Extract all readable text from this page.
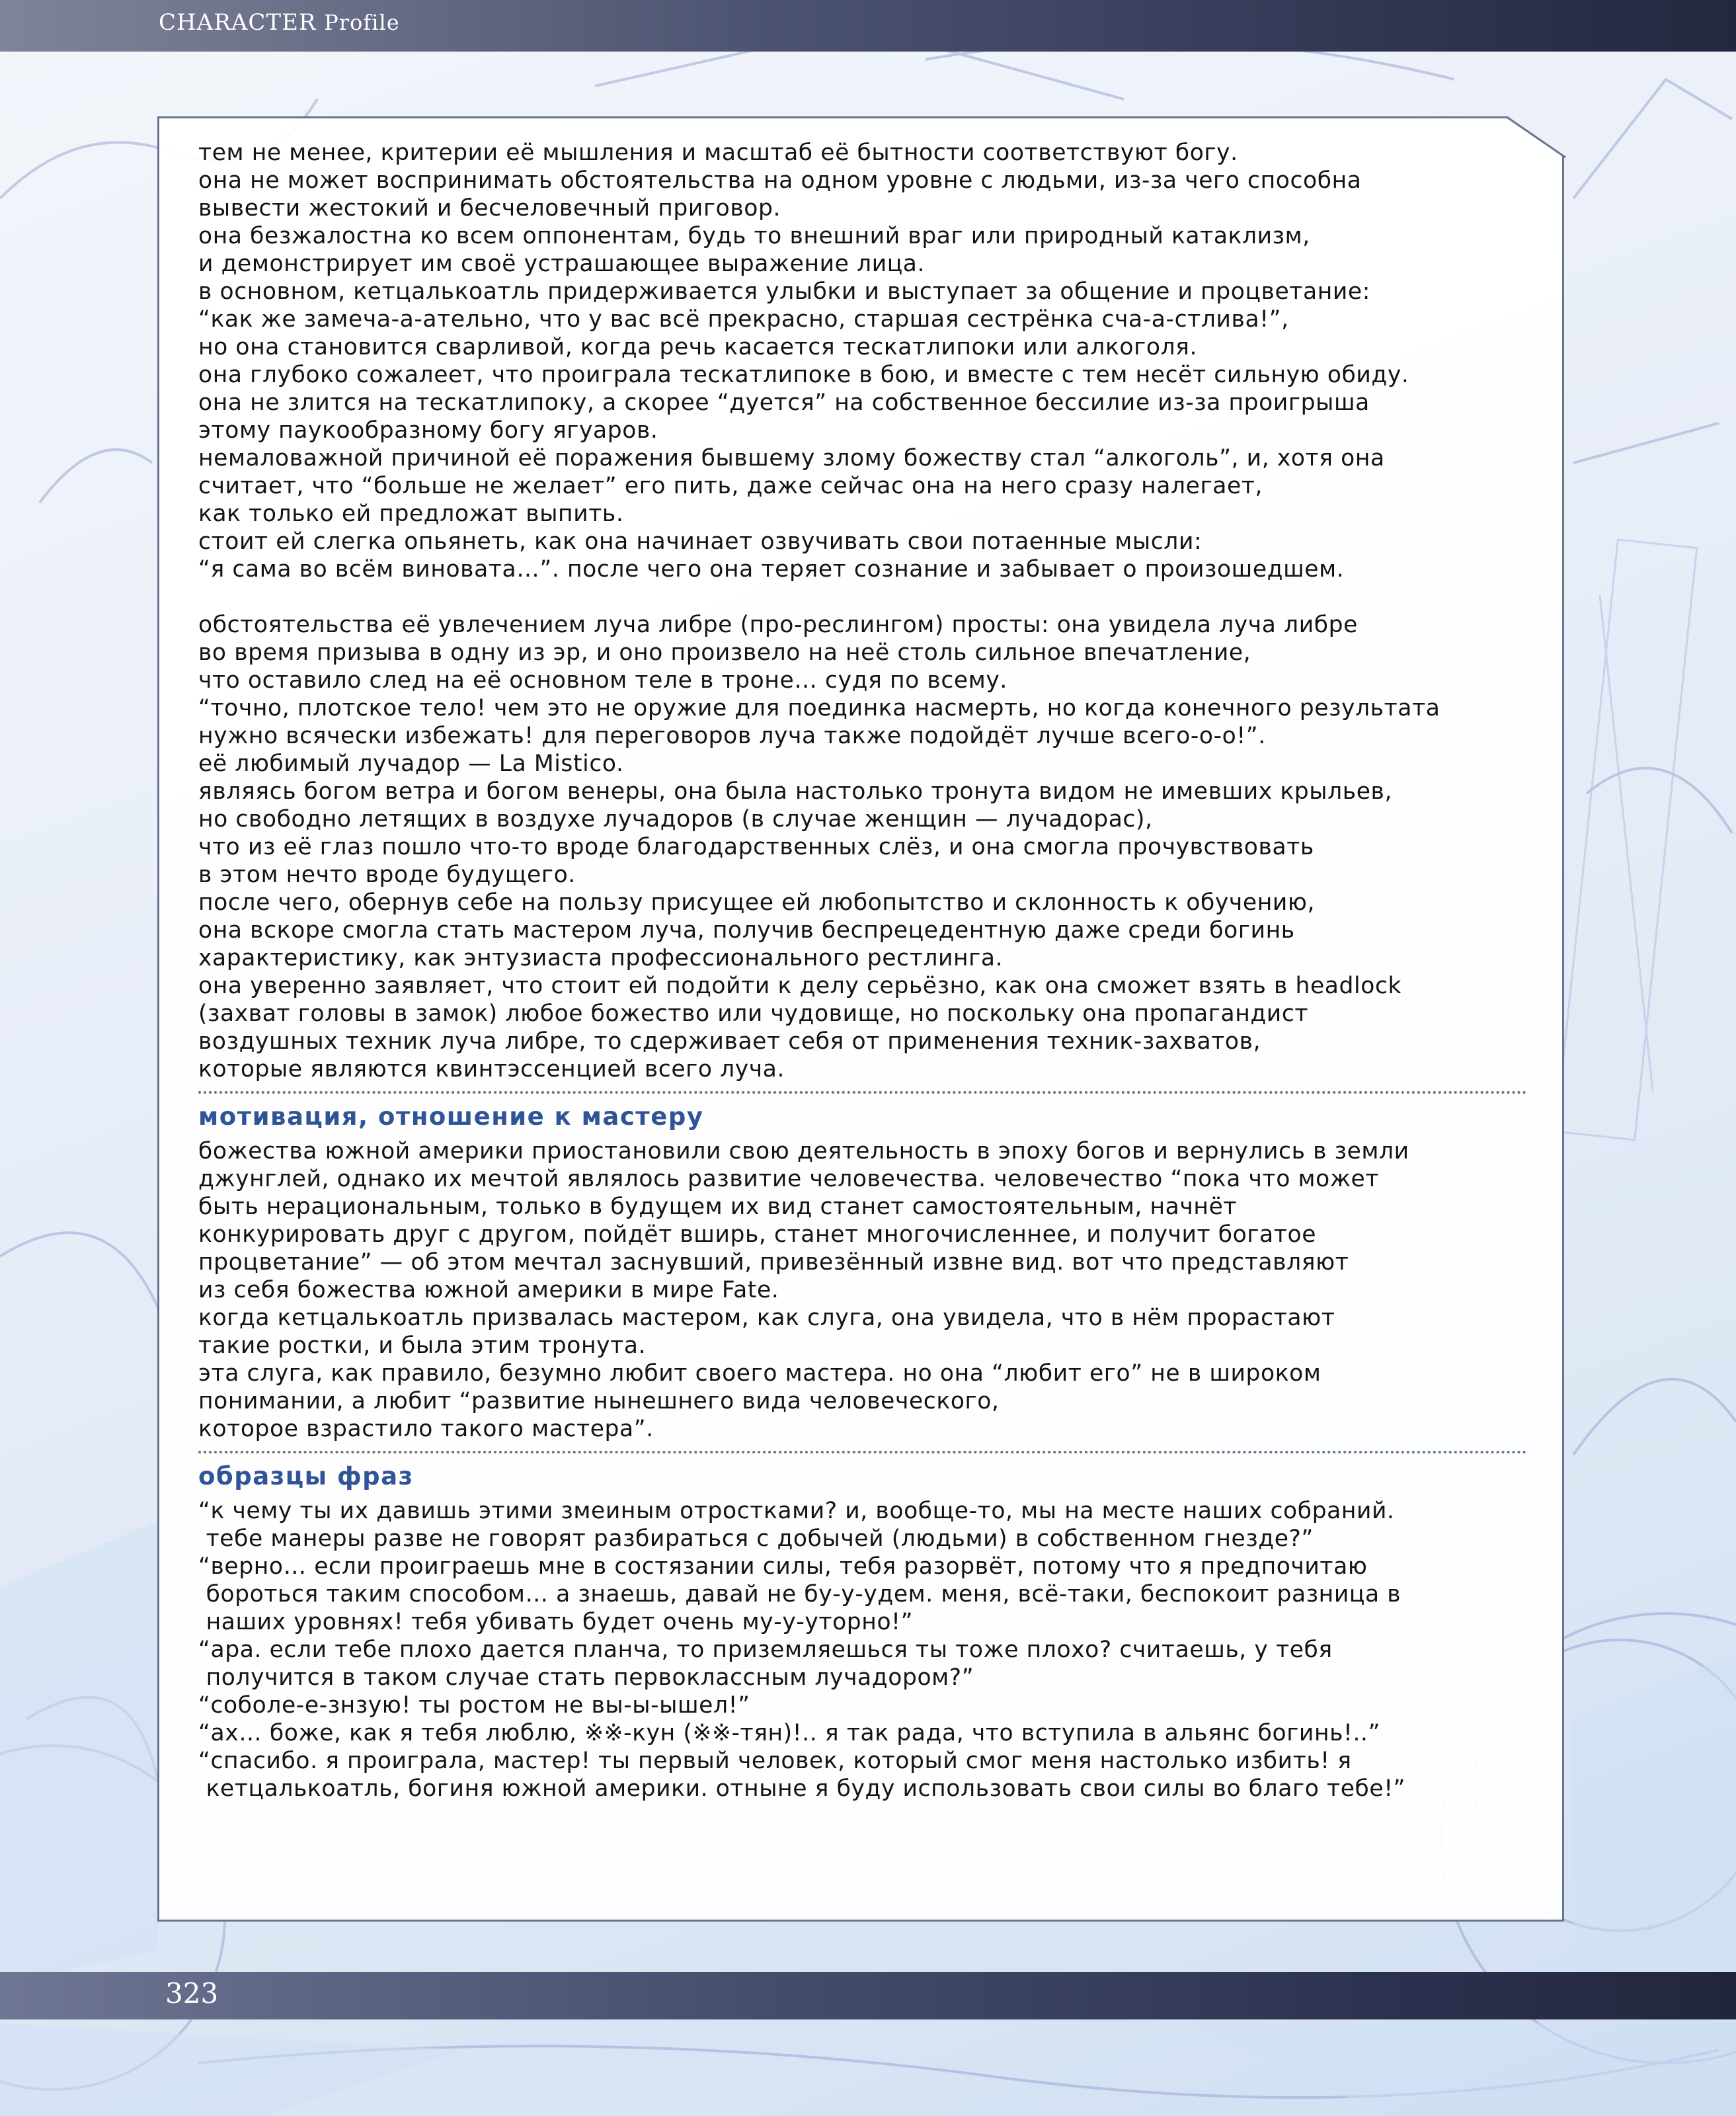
CHARACTER Profile
тем не менее, критерии её мышления и масштаб её бытности соответствуют богу.
она не может воспринимать обстоятельства на одном уровне с людьми, из-за чего способна
вывести жестокий и бесчеловечный приговор.
она безжалостна ко всем оппонентам, будь то внешний враг или природный катаклизм,
и демонстрирует им своё устрашающее выражение лица.
в основном, кетцалькоатль придерживается улыбки и выступает за общение и процветание:
“как же замеча-а-ательно, что у вас всё прекрасно, старшая сестрёнка сча-а-стлива!”,
но она становится сварливой, когда речь касается тескатлипоки или алкоголя.
она глубоко сожалеет, что проиграла тескатлипоке в бою, и вместе с тем несёт сильную обиду.
она не злится на тескатлипоку, а скорее “дуется” на собственное бессилие из-за проигрыша
этому паукообразному богу ягуаров.
немаловажной причиной её поражения бывшему злому божеству стал “алкоголь”, и, хотя она
считает, что “больше не желает” его пить, даже сейчас она на него сразу налегает,
как только ей предложат выпить.
стоит ей слегка опьянеть, как она начинает озвучивать свои потаенные мысли:
“я сама во всём виновата…”. после чего она теряет сознание и забывает о произошедшем.
обстоятельства её увлечением луча либре (про-реслингом) просты: она увидела луча либре
во время призыва в одну из эр, и оно произвело на неё столь сильное впечатление,
что оставило след на её основном теле в троне… судя по всему.
“точно, плотское тело! чем это не оружие для поединка насмерть, но когда конечного результата
нужно всячески избежать! для переговоров луча также подойдёт лучше всего-о-о!”.
её любимый лучадор — La Mistico.
являясь богом ветра и богом венеры, она была настолько тронута видом не имевших крыльев,
но свободно летящих в воздухе лучадоров (в случае женщин — лучадорас),
что из её глаз пошло что-то вроде благодарственных слёз, и она смогла прочувствовать
в этом нечто вроде будущего.
после чего, обернув себе на пользу присущее ей любопытство и склонность к обучению,
она вскоре смогла стать мастером луча, получив беспрецедентную даже среди богинь
характеристику, как энтузиаста профессионального рестлинга.
она уверенно заявляет, что стоит ей подойти к делу серьёзно, как она сможет взять в headlock
(захват головы в замок) любое божество или чудовище, но поскольку она пропагандист
воздушных техник луча либре, то сдерживает себя от применения техник-захватов,
которые являются квинтэссенцией всего луча.
мотивация, отношение к мастеру
божества южной америки приостановили свою деятельность в эпоху богов и вернулись в земли
джунглей, однако их мечтой являлось развитие человечества. человечество “пока что может
быть нерациональным, только в будущем их вид станет самостоятельным, начнёт
конкурировать друг с другом, пойдёт вширь, станет многочисленнее, и получит богатое
процветание” — об этом мечтал заснувший, привезённый извне вид. вот что представляют
из себя божества южной америки в мире Fate.
когда кетцалькоатль призвалась мастером, как слуга, она увидела, что в нём прорастают
такие ростки, и была этим тронута.
эта слуга, как правило, безумно любит своего мастера. но она “любит его” не в широком
понимании, а любит “развитие нынешнего вида человеческого,
которое взрастило такого мастера”.
образцы фраз
“к чему ты их давишь этими змеиным отростками? и, вообще-то, мы на месте наших собраний.
тебе манеры разве не говорят разбираться с добычей (людьми) в собственном гнезде?”
“верно… если проиграешь мне в состязании силы, тебя разорвёт, потому что я предпочитаю
бороться таким способом… а знаешь, давай не бу-у-удем. меня, всё-таки, беспокоит разница в
наших уровнях! тебя убивать будет очень му-у-уторно!”
“ара. если тебе плохо дается планча, то приземляешься ты тоже плохо? считаешь, у тебя
получится в таком случае стать первоклассным лучадором?”
“соболе-е-знзую! ты ростом не вы-ы-ышел!”
“ах… боже, как я тебя люблю, ※※-кун (※※-тян)!.. я так рада, что вступила в альянс богинь!..”
“спасибо. я проиграла, мастер! ты первый человек, который смог меня настолько избить! я
кетцалькоатль, богиня южной америки. отныне я буду использовать свои силы во благо тебе!”
323
